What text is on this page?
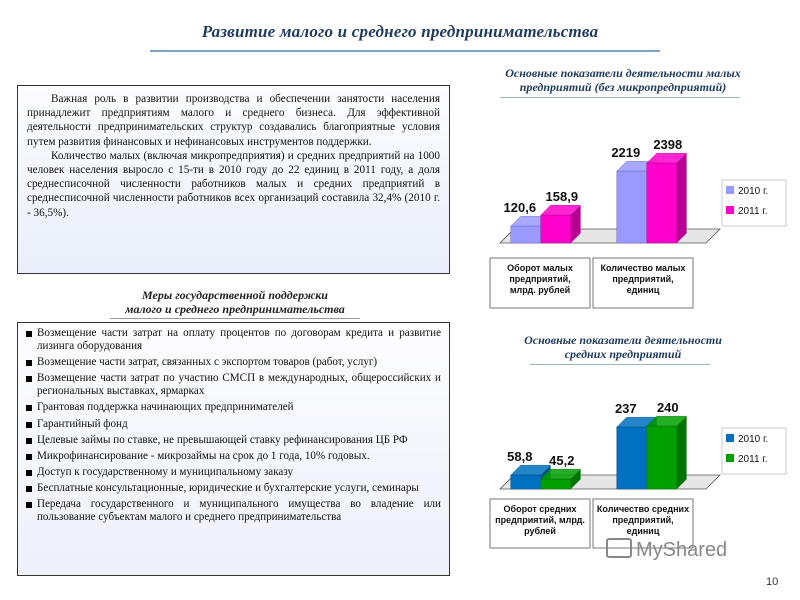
Развитие малого и среднего предпринимательства

Важная роль в развитии производства и обеспечении занятости населения принадлежит предприятиям малого и среднего бизнеса. Для эффективной деятельности предпринимательских структур создавались благоприятные условия путем развития финансовых и нефинансовых инструментов поддержки.

Количество малых (включая микропредприятия) и средних предприятий на 1000 человек населения выросло с 15-ти в 2010 году до 22 единиц в 2011 году, а доля среднесписочной численности работников малых и средних предприятий в среднесписочной численности работников всех организаций составила 32,4% (2010 г. - 36,5%).

Меры государственной поддержки
малого и среднего предпринимательства
Возмещение части затрат на оплату процентов по договорам кредита и развитие лизинга оборудования
Возмещение части затрат, связанных с экспортом товаров (работ, услуг)
Возмещение части затрат по участию СМСП в международных, общероссийских и региональных выставках, ярмарках
Грантовая поддержка начинающих предпринимателей
Гарантийный фонд
Целевые займы по ставке, не превышающей ставку рефинансирования ЦБ РФ
Микрофинансирование - микрозаймы на срок до 1 года, 10% годовых.
Доступ к государственному и муниципальному заказу
Бесплатные консультационные, юридические и бухгалтерские услуги, семинары
Передача государственного и муниципального имущества во владение или пользование субъектам малого и среднего предпринимательства
Основные показатели деятельности малых
предприятий (без микропредприятий)
120,6
158,9
2219
2398
Оборот малых предприятий, млрд. рублей
Количество малых предприятий, единиц
2010 г.
2011 г.
Основные показатели деятельности
средних предприятий
58,8 45,2
237 240
Оборот средних предприятий, млрд. рублей
Количество средних предприятий, единиц
2010 г.
2011 г.
MyShared
10
